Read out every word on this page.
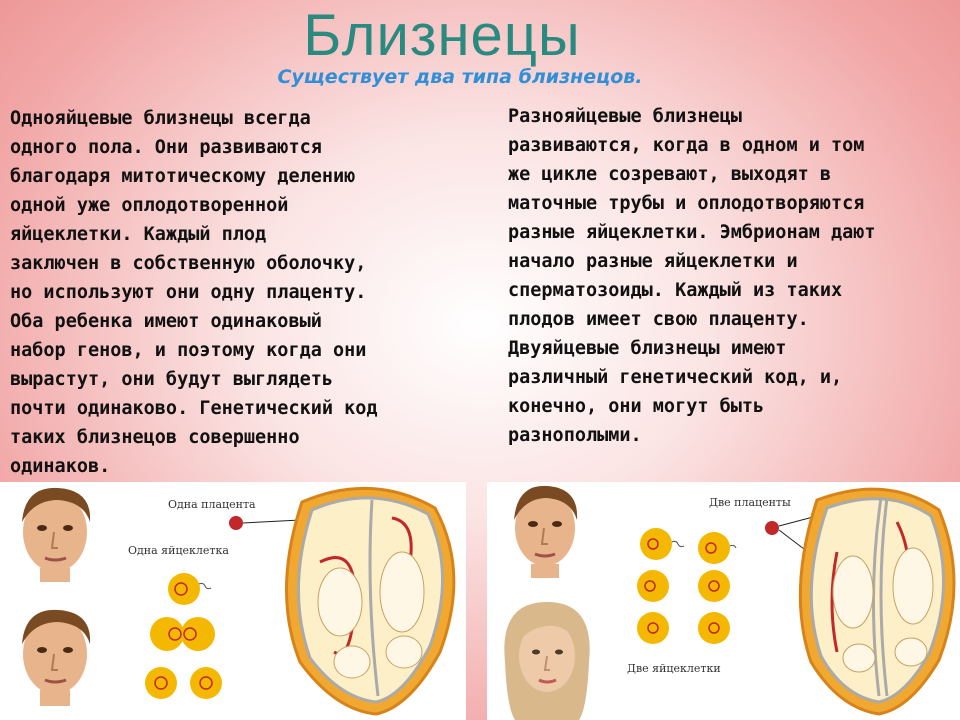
Близнецы
Существует два типа близнецов.
Однояйцевые близнецы всегда
одного пола. Они развиваются
благодаря митотическому делению
одной уже оплодотворенной
яйцеклетки. Каждый плод
заключен в собственную оболочку,
но используют они одну плаценту.
Оба ребенка имеют одинаковый
набор генов, и поэтому когда они
вырастут, они будут выглядеть
почти одинаково. Генетический код
таких близнецов совершенно
одинаков.
Разнояйцевые близнецы
развиваются, когда в одном и том
же цикле созревают, выходят в
маточные трубы и оплодотворяются
разные яйцеклетки. Эмбрионам дают
начало разные яйцеклетки и
сперматозоиды. Каждый из таких
плодов имеет свою плаценту.
Двуяйцевые близнецы имеют
различный генетический код, и,
конечно, они могут быть
разнополыми.
Одна плацента
Одна яйцеклетка
Две плаценты
Две яйцеклетки
